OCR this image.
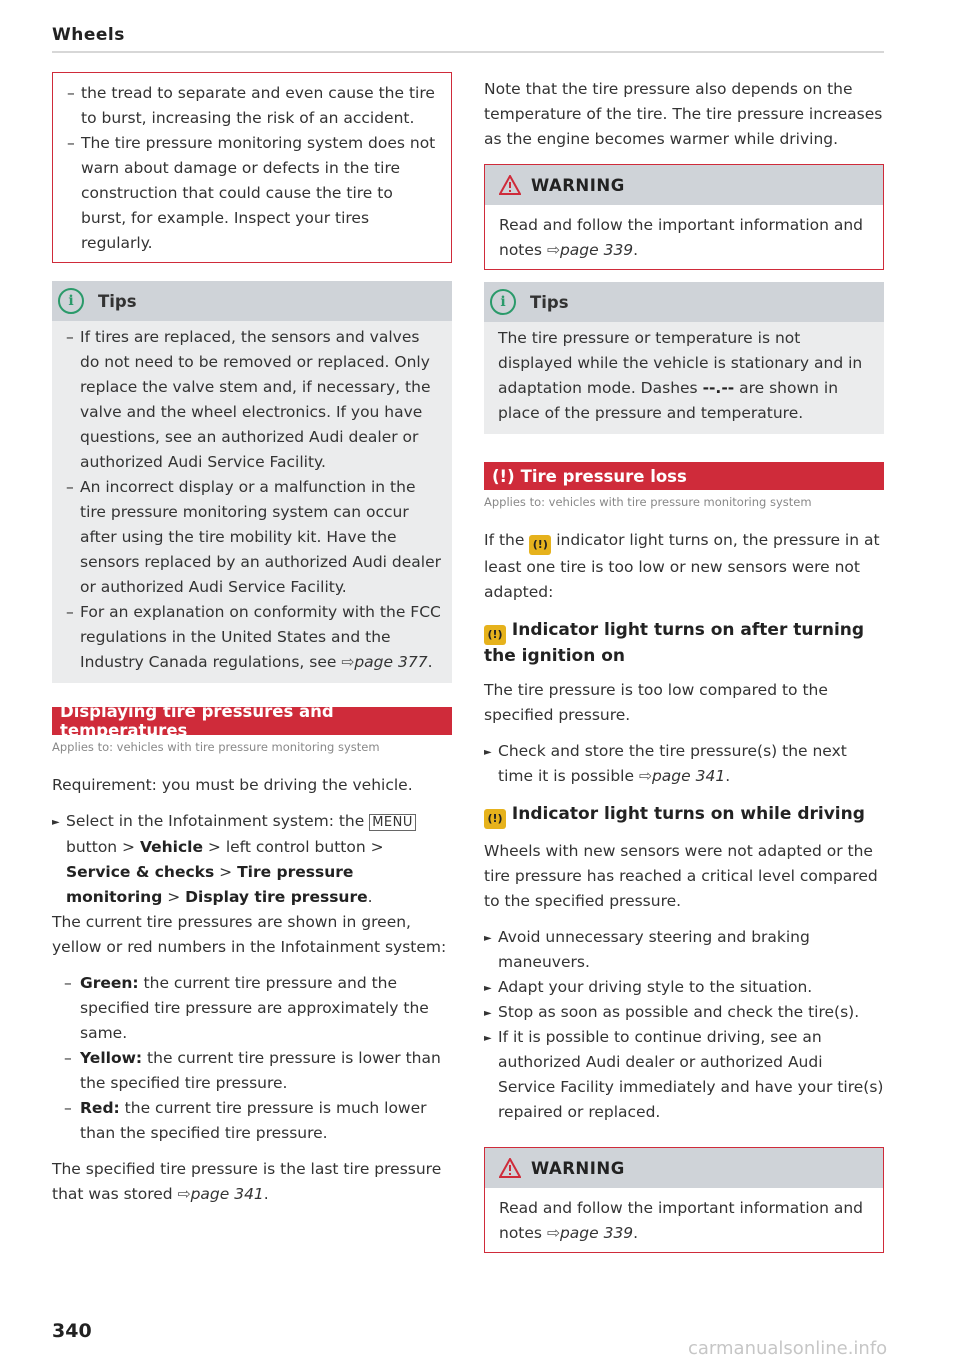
Wheels
– the tread to separate and even cause the tire to burst, increasing the risk of an accident.
– The tire pressure monitoring system does not warn about damage or defects in the tire construction that could cause the tire to burst, for example. Inspect your tires regularly.
i	Tips
– If tires are replaced, the sensors and valves do not need to be removed or replaced. Only replace the valve stem and, if necessary, the valve and the wheel electronics. If you have questions, see an authorized Audi dealer or authorized Audi Service Facility.
– An incorrect display or a malfunction in the tire pressure monitoring system can occur after using the tire mobility kit. Have the sensors replaced by an authorized Audi dealer or authorized Audi Service Facility.
– For an explanation on conformity with the FCC regulations in the United States and the Industry Canada regulations, see ⇨page 377.
Displaying tire pressures and temperatures
Applies to: vehicles with tire pressure monitoring system

Requirement: you must be driving the vehicle.

► Select in the Infotainment system: the MENU button > Vehicle > left control button > Service & checks > Tire pressure monitoring > Display tire pressure.

The current tire pressures are shown in green, yellow or red numbers in the Infotainment system:

– Green: the current tire pressure and the specified tire pressure are approximately the same.
– Yellow: the current tire pressure is lower than the specified tire pressure.
– Red: the current tire pressure is much lower than the specified tire pressure.

The specified tire pressure is the last tire pressure that was stored ⇨page 341.

Note that the tire pressure also depends on the temperature of the tire. The tire pressure increases as the engine becomes warmer while driving.

WARNING

Read and follow the important information and notes ⇨page 339.

i	Tips

The tire pressure or temperature is not displayed while the vehicle is stationary and in adaptation mode. Dashes --.-- are shown in place of the pressure and temperature.

(!) Tire pressure loss
Applies to: vehicles with tire pressure monitoring system

If the (!) indicator light turns on, the pressure in at least one tire is too low or new sensors were not adapted:

(!) Indicator light turns on after turning the ignition on

The tire pressure is too low compared to the specified pressure.

► Check and store the tire pressure(s) the next time it is possible ⇨page 341.
(!) Indicator light turns on while driving

Wheels with new sensors were not adapted or the tire pressure has reached a critical level compared to the specified pressure.

► Avoid unnecessary steering and braking maneuvers.
► Adapt your driving style to the situation.
► Stop as soon as possible and check the tire(s).
► If it is possible to continue driving, see an authorized Audi dealer or authorized Audi Service Facility immediately and have your tire(s) repaired or replaced.
WARNING

Read and follow the important information and notes ⇨page 339.

340
carmanualsonline.info
